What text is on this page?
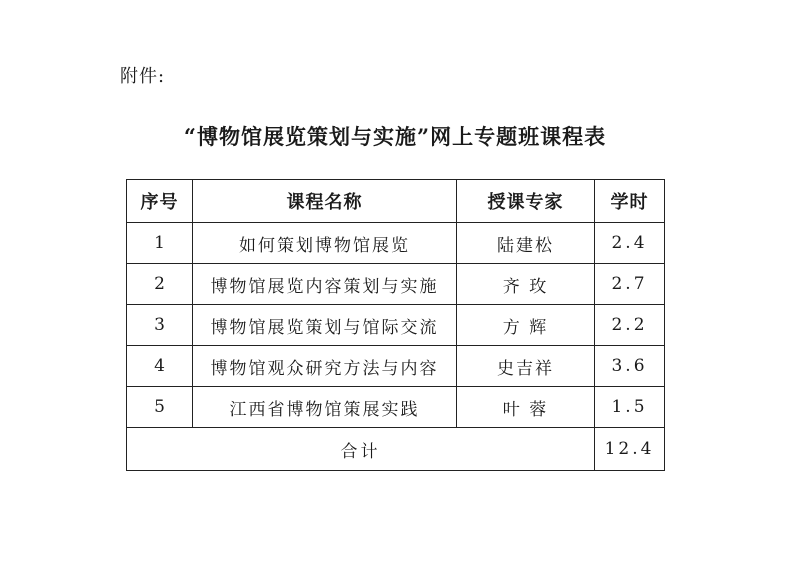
附件:
“博物馆展览策划与实施”网上专题班课程表
序号	课程名称	授课专家	学时
1	如何策划博物馆展览	陆建松	2.4
2	博物馆展览内容策划与实施	齐 玫	2.7
3	博物馆展览策划与馆际交流	方 辉	2.2
4	博物馆观众研究方法与内容	史吉祥	3.6
5	江西省博物馆策展实践	叶 蓉	1.5
合计			12.4
